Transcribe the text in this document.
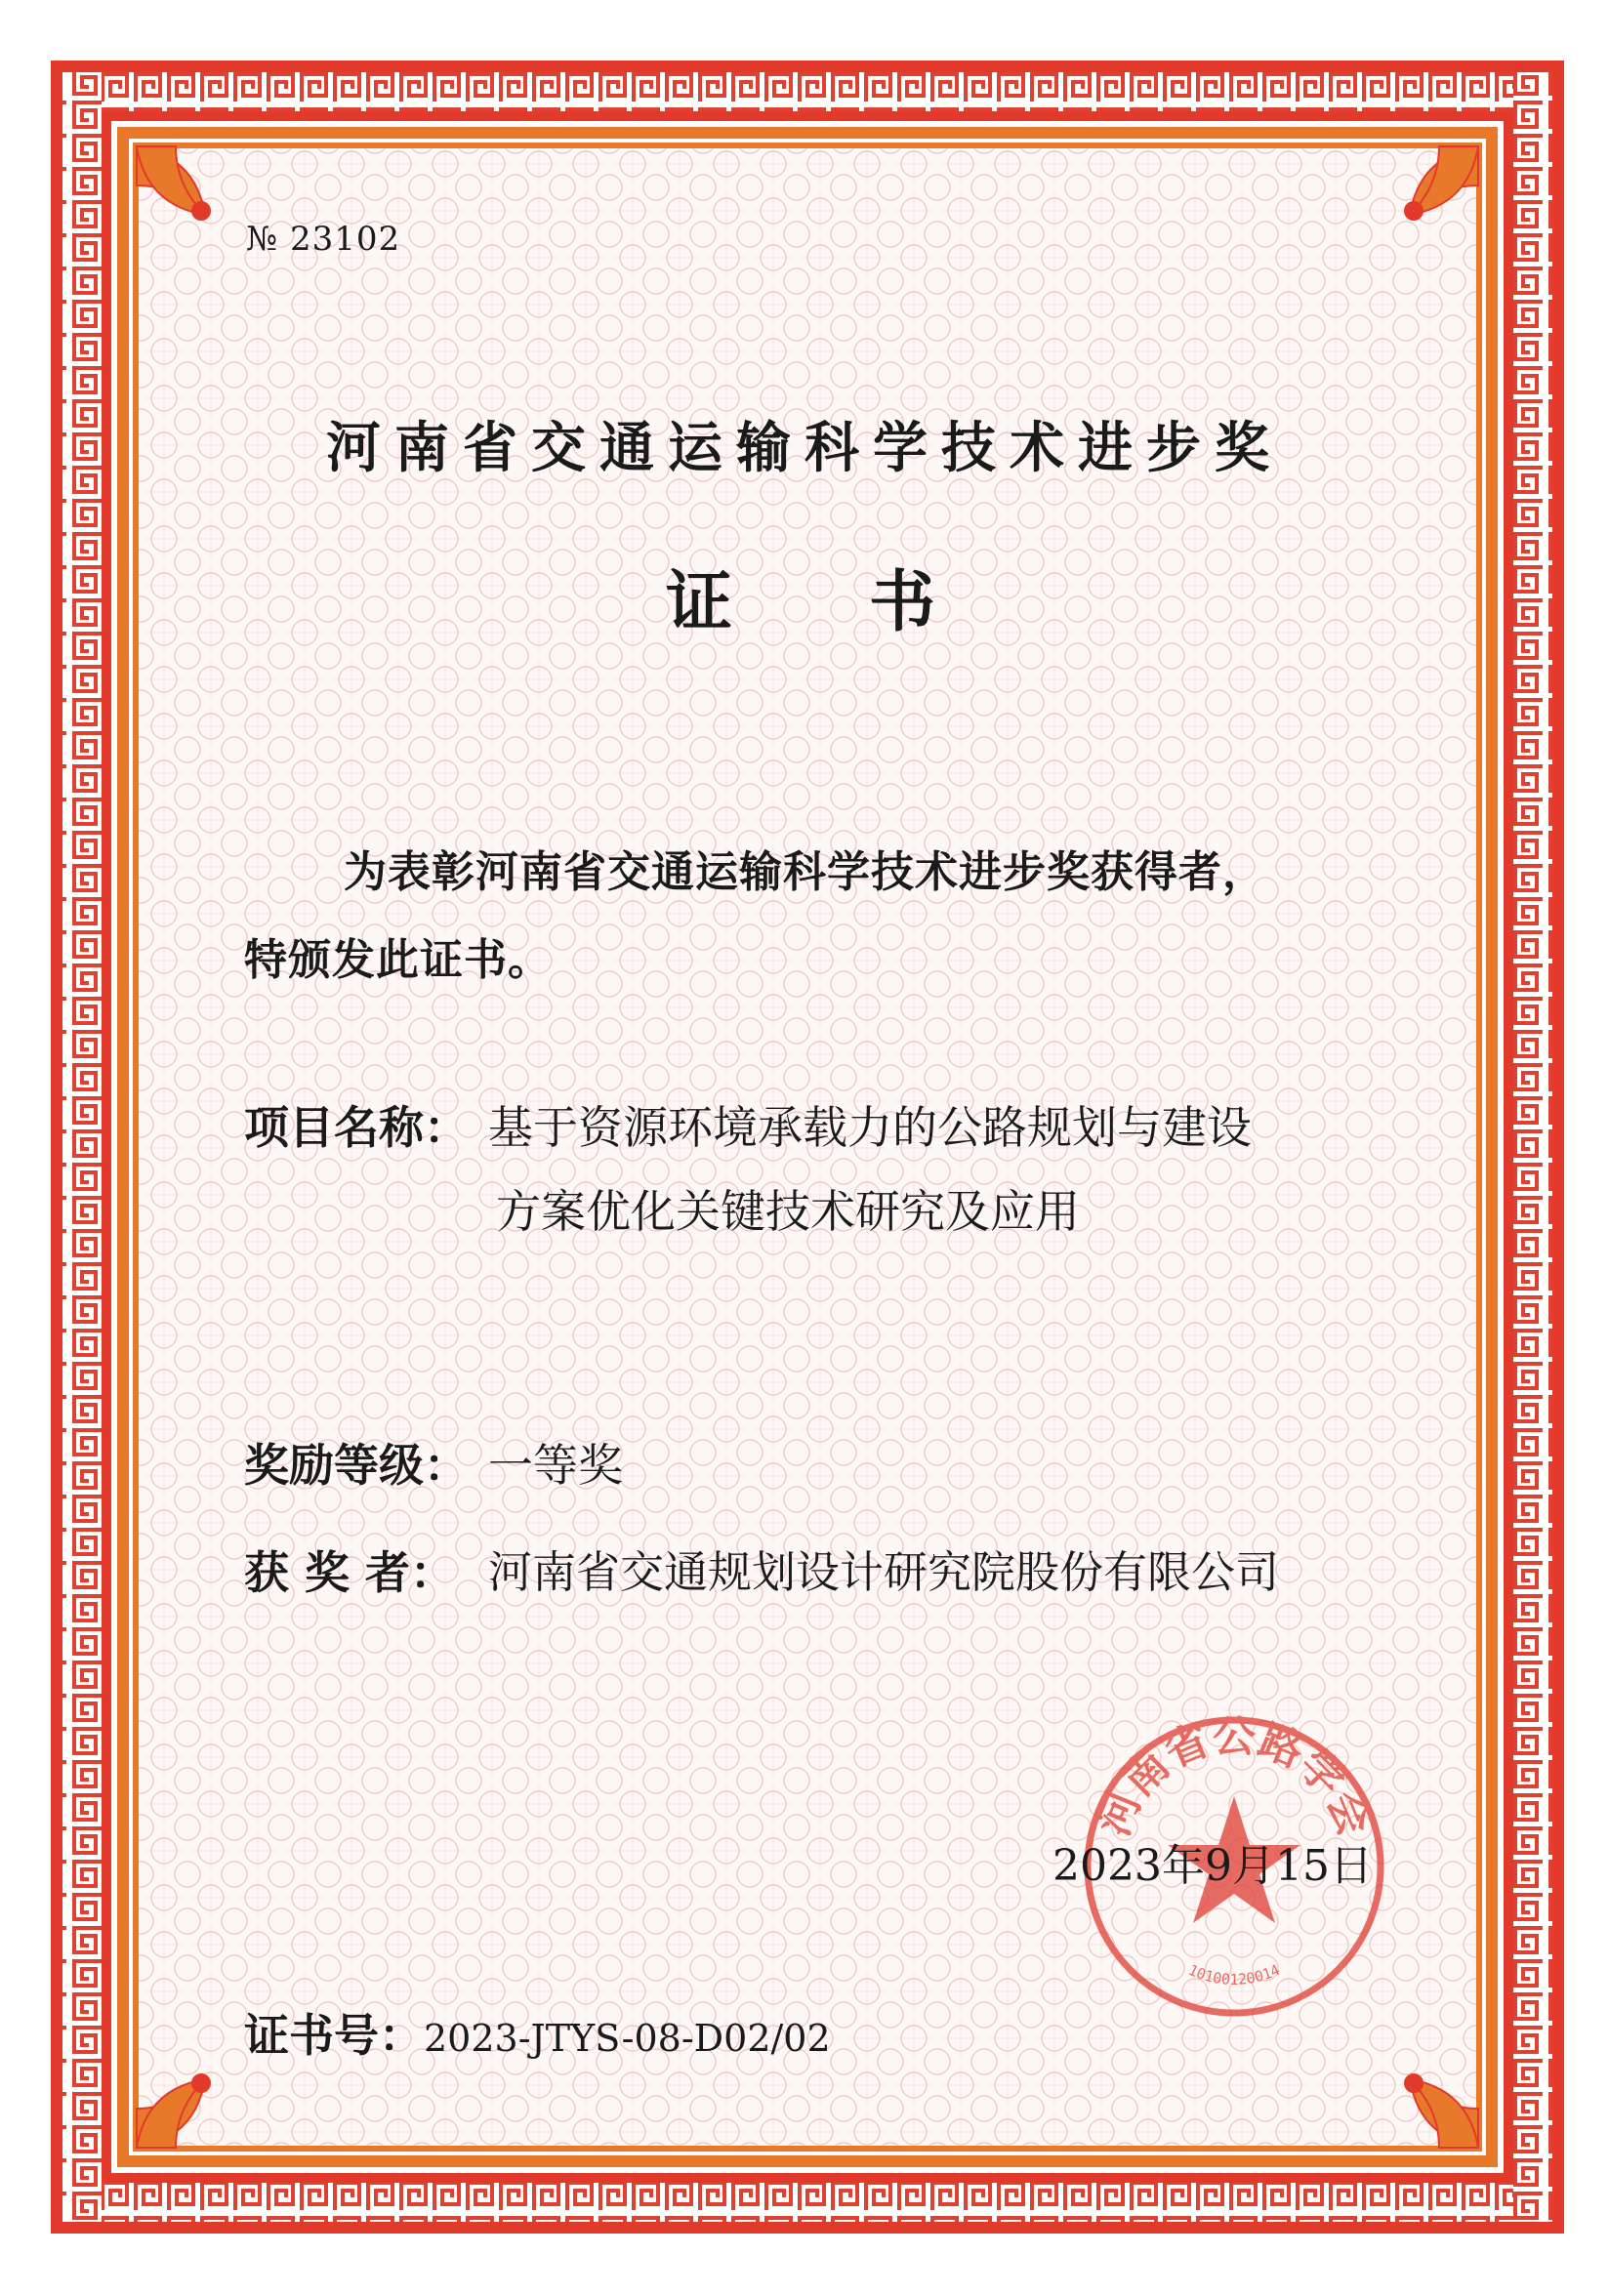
№ 23102
河南省交通运输科学技术进步奖
证 书
为表彰河南省交通运输科学技术进步奖获得者，
特颁发此证书。
项目名称： 基于资源环境承载力的公路规划与建设
方案优化关键技术研究及应用
奖励等级： 一等奖
获 奖 者： 河南省交通规划设计研究院股份有限公司
河南省公路学会
10100120014
2023年9月15日
证书号：2023-JTYS-08-D02/02
